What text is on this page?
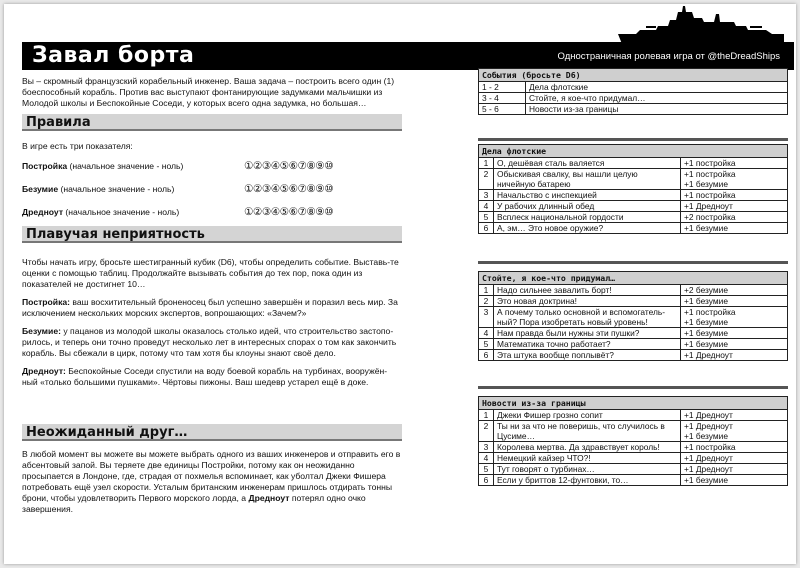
Завал борта	Одностраничная ролевая игра от @theDreadShips

Вы – скромный французский корабельный инженер. Ваша задача – построить всего один (1) боеспособный корабль. Против вас выступают фонтанирующие задумками мальчишки из Молодой школы и Беспокойные Соседи, у которых всего одна задумка, но большая…

Правила
В игре есть три показателя:
Постройка (начальное значение - ноль)	①②③④⑤⑥⑦⑧⑨⑩
Безумие (начальное значение - ноль)	①②③④⑤⑥⑦⑧⑨⑩
Дредноут (начальное значение - ноль)	①②③④⑤⑥⑦⑧⑨⑩
Плавучая неприятность

Чтобы начать игру, бросьте шестигранный кубик (D6), чтобы определить событие. Выставь-те оценки с помощью таблиц. Продолжайте вызывать события до тех пор, пока один из показателей не достигнет 10…

Постройка: ваш восхитительный броненосец был успешно завершён и поразил весь мир. За исключением нескольких морских экспертов, вопрошающих: «Зачем?»

Безумие: у пацанов из молодой школы оказалось столько идей, что строительство застопо-рилось, и теперь они точно проведут несколько лет в интересных спорах о том как закончить корабль. Вы сбежали в цирк, потому что там хотя бы клоуны знают своё дело.

Дредноут: Беспокойные Соседи спустили на воду боевой корабль на турбинах, вооружён-ный «только большими пушками». Чёртовы пижоны. Ваш шедевр устарел ещё в доке.

Неожиданный друг…

В любой момент вы можете вы можете выбрать одного из ваших инженеров и отправить его в абсентовый запой. Вы теряете две единицы Постройки, потому как он неожиданно просыпается в Лондоне, где, страдая от похмелья вспоминает, как уболтал Джеки Фишера потребовать ещё узел скорости. Усталым британским инженерам пришлось отдирать тонны брони, чтобы удовлетворить Первого морского лорда, а Дредноут потерял одно очко завершения.

События (бросьте D6)	
1 - 2	Дела флотские
3 - 4	Стойте, я кое-что придумал…
5 - 6	Новости из-за границы
Дела флотские		
1	О, дешёвая сталь валяется	+1 постройка
2	Обыскивая свалку, вы нашли целую ничейную батарею	+1 постройка
+1 безумие
3	Начальство с инспекцией	+1 постройка
4	У рабочих длинный обед	+1 Дредноут
5	Всплеск национальной гордости	+2 постройка
6	А, эм… Это новое оружие?	+1 безумие
Стойте, я кое-что придумал…		
1	Надо сильнее завалить борт!	+2 безумие
2	Это новая доктрина!	+1 безумие
3	А почему только основной и вспомогатель-ный? Пора изобретать новый уровень!	+1 постройка
+1 безумие
4	Нам правда были нужны эти пушки?	+1 безумие
5	Математика точно работает?	+1 безумие
6	Эта штука вообще поплывёт?	+1 Дредноут
Новости из-за границы		
1	Джеки Фишер грозно сопит	+1 Дредноут
2	Ты ни за что не поверишь, что случилось в Цусиме…	+1 Дредноут
+1 безумие
3	Королева мертва. Да здравствует король!	+1 постройка
4	Немецкий кайзер ЧТО?!	+1 Дредноут
5	Тут говорят о турбинах…	+1 Дредноут
6	Если у бриттов 12-фунтовки, то…	+1 безумие
